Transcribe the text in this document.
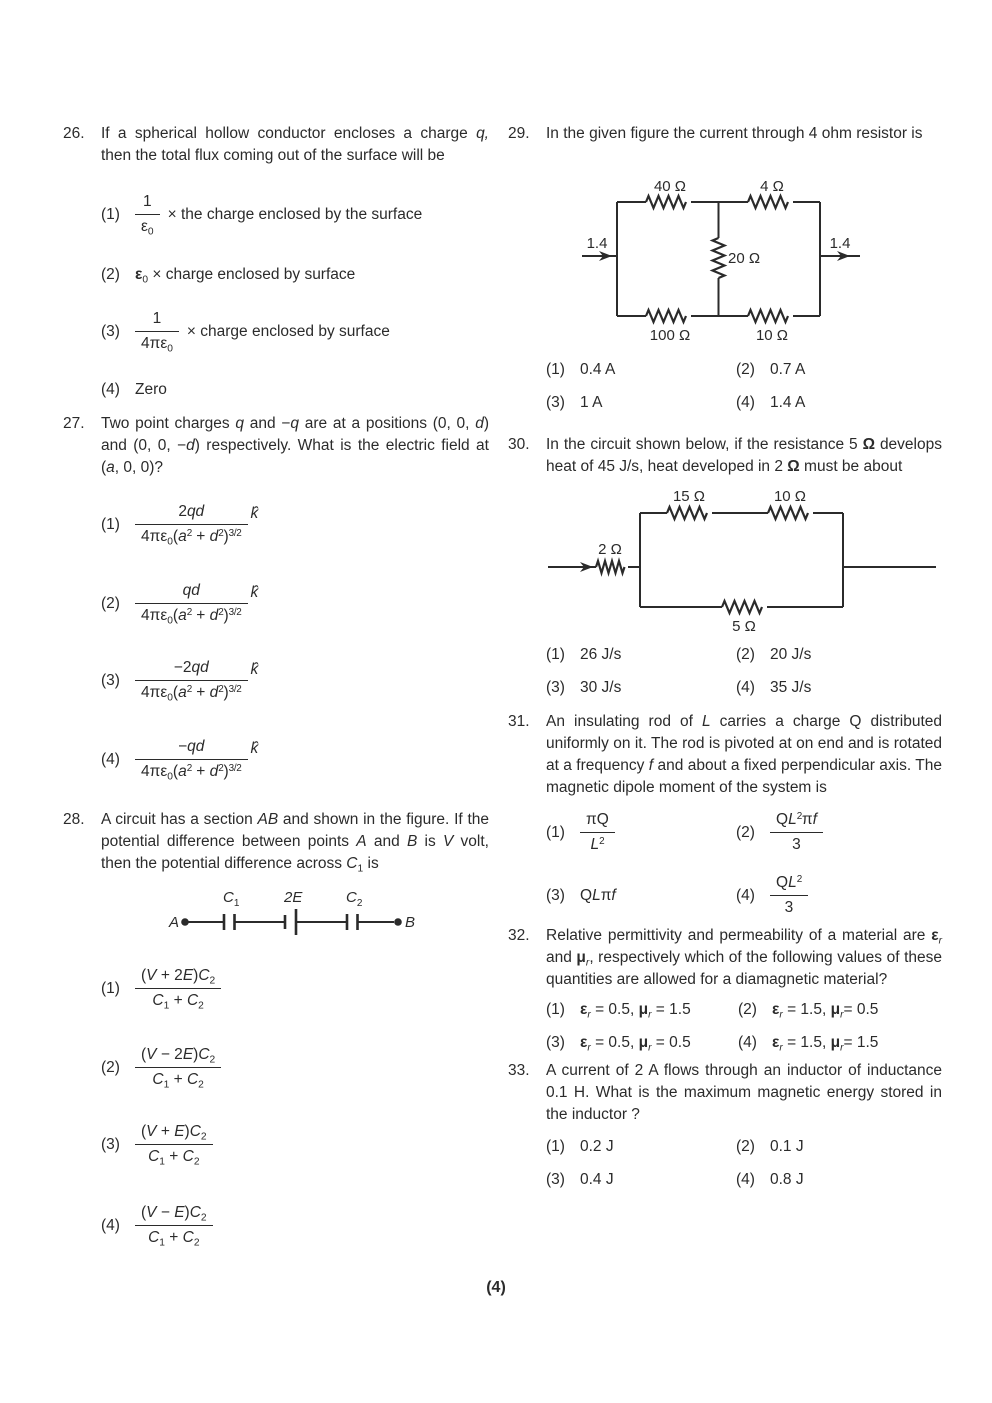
26.	If a spherical hollow conductor encloses a charge q, then the total flux coming out of the surface will be
$(1) \frac{1}{\varepsilon_0}$ × the charge enclosed by the surface
(2) $\varepsilon_0$ × charge enclosed by surface
$(3) \frac{1}{4\pi\varepsilon_0}$ × charge enclosed by surface
(4) Zero
27.	Two point charges q and −q are at a positions (0, 0, d) and (0, 0, −d) respectively. What is the electric field at (a, 0, 0)?
$(1) \frac{2qd}{4\pi\varepsilon_0(a^2 + d^2)^{3/2}}$ k̂
$(2) \frac{qd}{4\pi\varepsilon_0(a^2 + d^2)^{3/2}}$ k̂
$(3) \frac{-2qd}{4\pi\varepsilon_0(a^2 + d^2)^{3/2}}$ k̂
$(4) \frac{-qd}{4\pi\varepsilon_0(a^2 + d^2)^{3/2}}$ k̂
28.	A circuit has a section AB and shown in the figure. If the potential difference between points A and B is V volt, then the potential difference across $C_1$ is
A	B
$C_1$	2E	$C_2$
$(1) \frac{(V + 2E)C_2}{C_1 + C_2}$
$(2) \frac{(V - 2E)C_2}{C_1 + C_2}$
$(3) \frac{(V + E)C_2}{C_1 + C_2}$
$(4) \frac{(V - E)C_2}{C_1 + C_2}$
29.	In the given figure the current through 4 ohm resistor is
40 Ω	4 Ω
20 Ω
100 Ω	10 Ω
1.4	1.4
(1) 0.4 A	(2) 0.7 A
(3) 1 A	(4) 1.4 A
30.	In the circuit shown below, if the resistance 5 Ω develops heat of 45 J/s, heat developed in 2 Ω must be about
2 Ω
15 Ω	10 Ω
5 Ω
(1) 26 J/s	(2) 20 J/s
(3) 30 J/s	(4) 35 J/s
31.	An insulating rod of L carries a charge Q distributed uniformly on it. The rod is pivoted at on end and is rotated at a frequency f and about a fixed perpendicular axis. The magnetic dipole moment of the system is
$(1) \frac{\pi Q}{L^2}$	$(2) \frac{QL^2\pi f}{3}$
(3) QLπf	$(4) \frac{QL^2}{3}$
32.	Relative permittivity and permeability of a material are $\varepsilon_r$ and $\mu_r$, respectively which of the following values of these quantities are allowed for a diamagnetic material?
(1) $\varepsilon_r = 0.5$, $\mu_r = 1.5$	(2) $\varepsilon_r = 1.5$, $\mu_r= 0.5$
(3) $\varepsilon_r = 0.5$, $\mu_r = 0.5$	(4) $\varepsilon_r = 1.5$, $\mu_r= 1.5$
33.	A current of 2 A flows through an inductor of inductance 0.1 H. What is the maximum magnetic energy stored in the inductor ?
(1) 0.2 J	(2) 0.1 J
(3) 0.4 J	(4) 0.8 J
(4)
